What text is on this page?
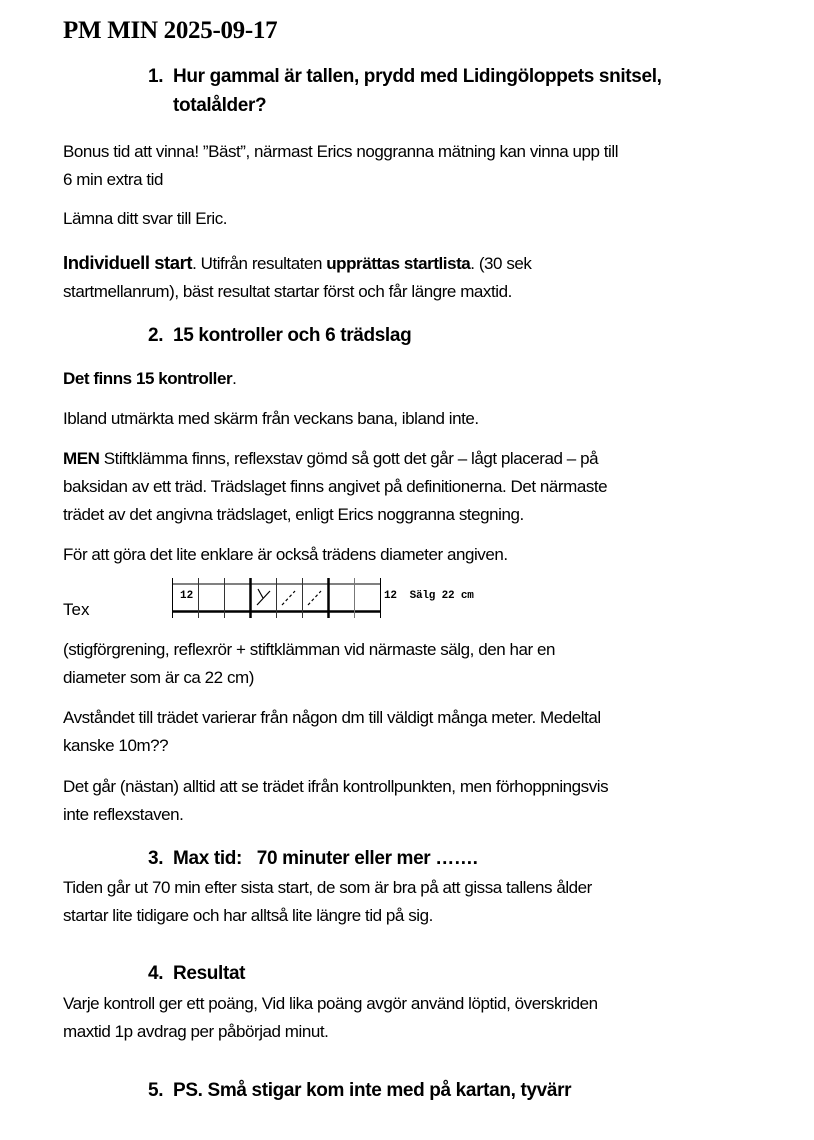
PM MIN 2025-09-17
1. Hur gammal är tallen, prydd med Lidingöloppets snitsel,
totalålder?
Bonus tid att vinna! ”Bäst”, närmast Erics noggranna mätning kan vinna upp till
6 min extra tid
Lämna ditt svar till Eric.
Individuell start. Utifrån resultaten upprättas startlista. (30 sek
startmellanrum), bäst resultat startar först och får längre maxtid.
2. 15 kontroller och 6 trädslag
Det finns 15 kontroller.
Ibland utmärkta med skärm från veckans bana, ibland inte.
MEN Stiftklämma finns, reflexstav gömd så gott det går – lågt placerad – på
baksidan av ett träd. Trädslaget finns angivet på definitionerna. Det närmaste
trädet av det angivna trädslaget, enligt Erics noggranna stegning.
För att göra det lite enklare är också trädens diameter angiven.
Tex
12	12  Sälg 22 cm
(stigförgrening, reflexrör + stiftklämman vid närmaste sälg, den har en
diameter som är ca 22 cm)
Avståndet till trädet varierar från någon dm till väldigt många meter. Medeltal
kanske 10m??
Det går (nästan) alltid att se trädet ifrån kontrollpunkten, men förhoppningsvis
inte reflexstaven.
3. Max tid:   70 minuter eller mer …….
Tiden går ut 70 min efter sista start, de som är bra på att gissa tallens ålder
startar lite tidigare och har alltså lite längre tid på sig.
4. Resultat
Varje kontroll ger ett poäng, Vid lika poäng avgör använd löptid, överskriden
maxtid 1p avdrag per påbörjad minut.
5. PS. Små stigar kom inte med på kartan, tyvärr
